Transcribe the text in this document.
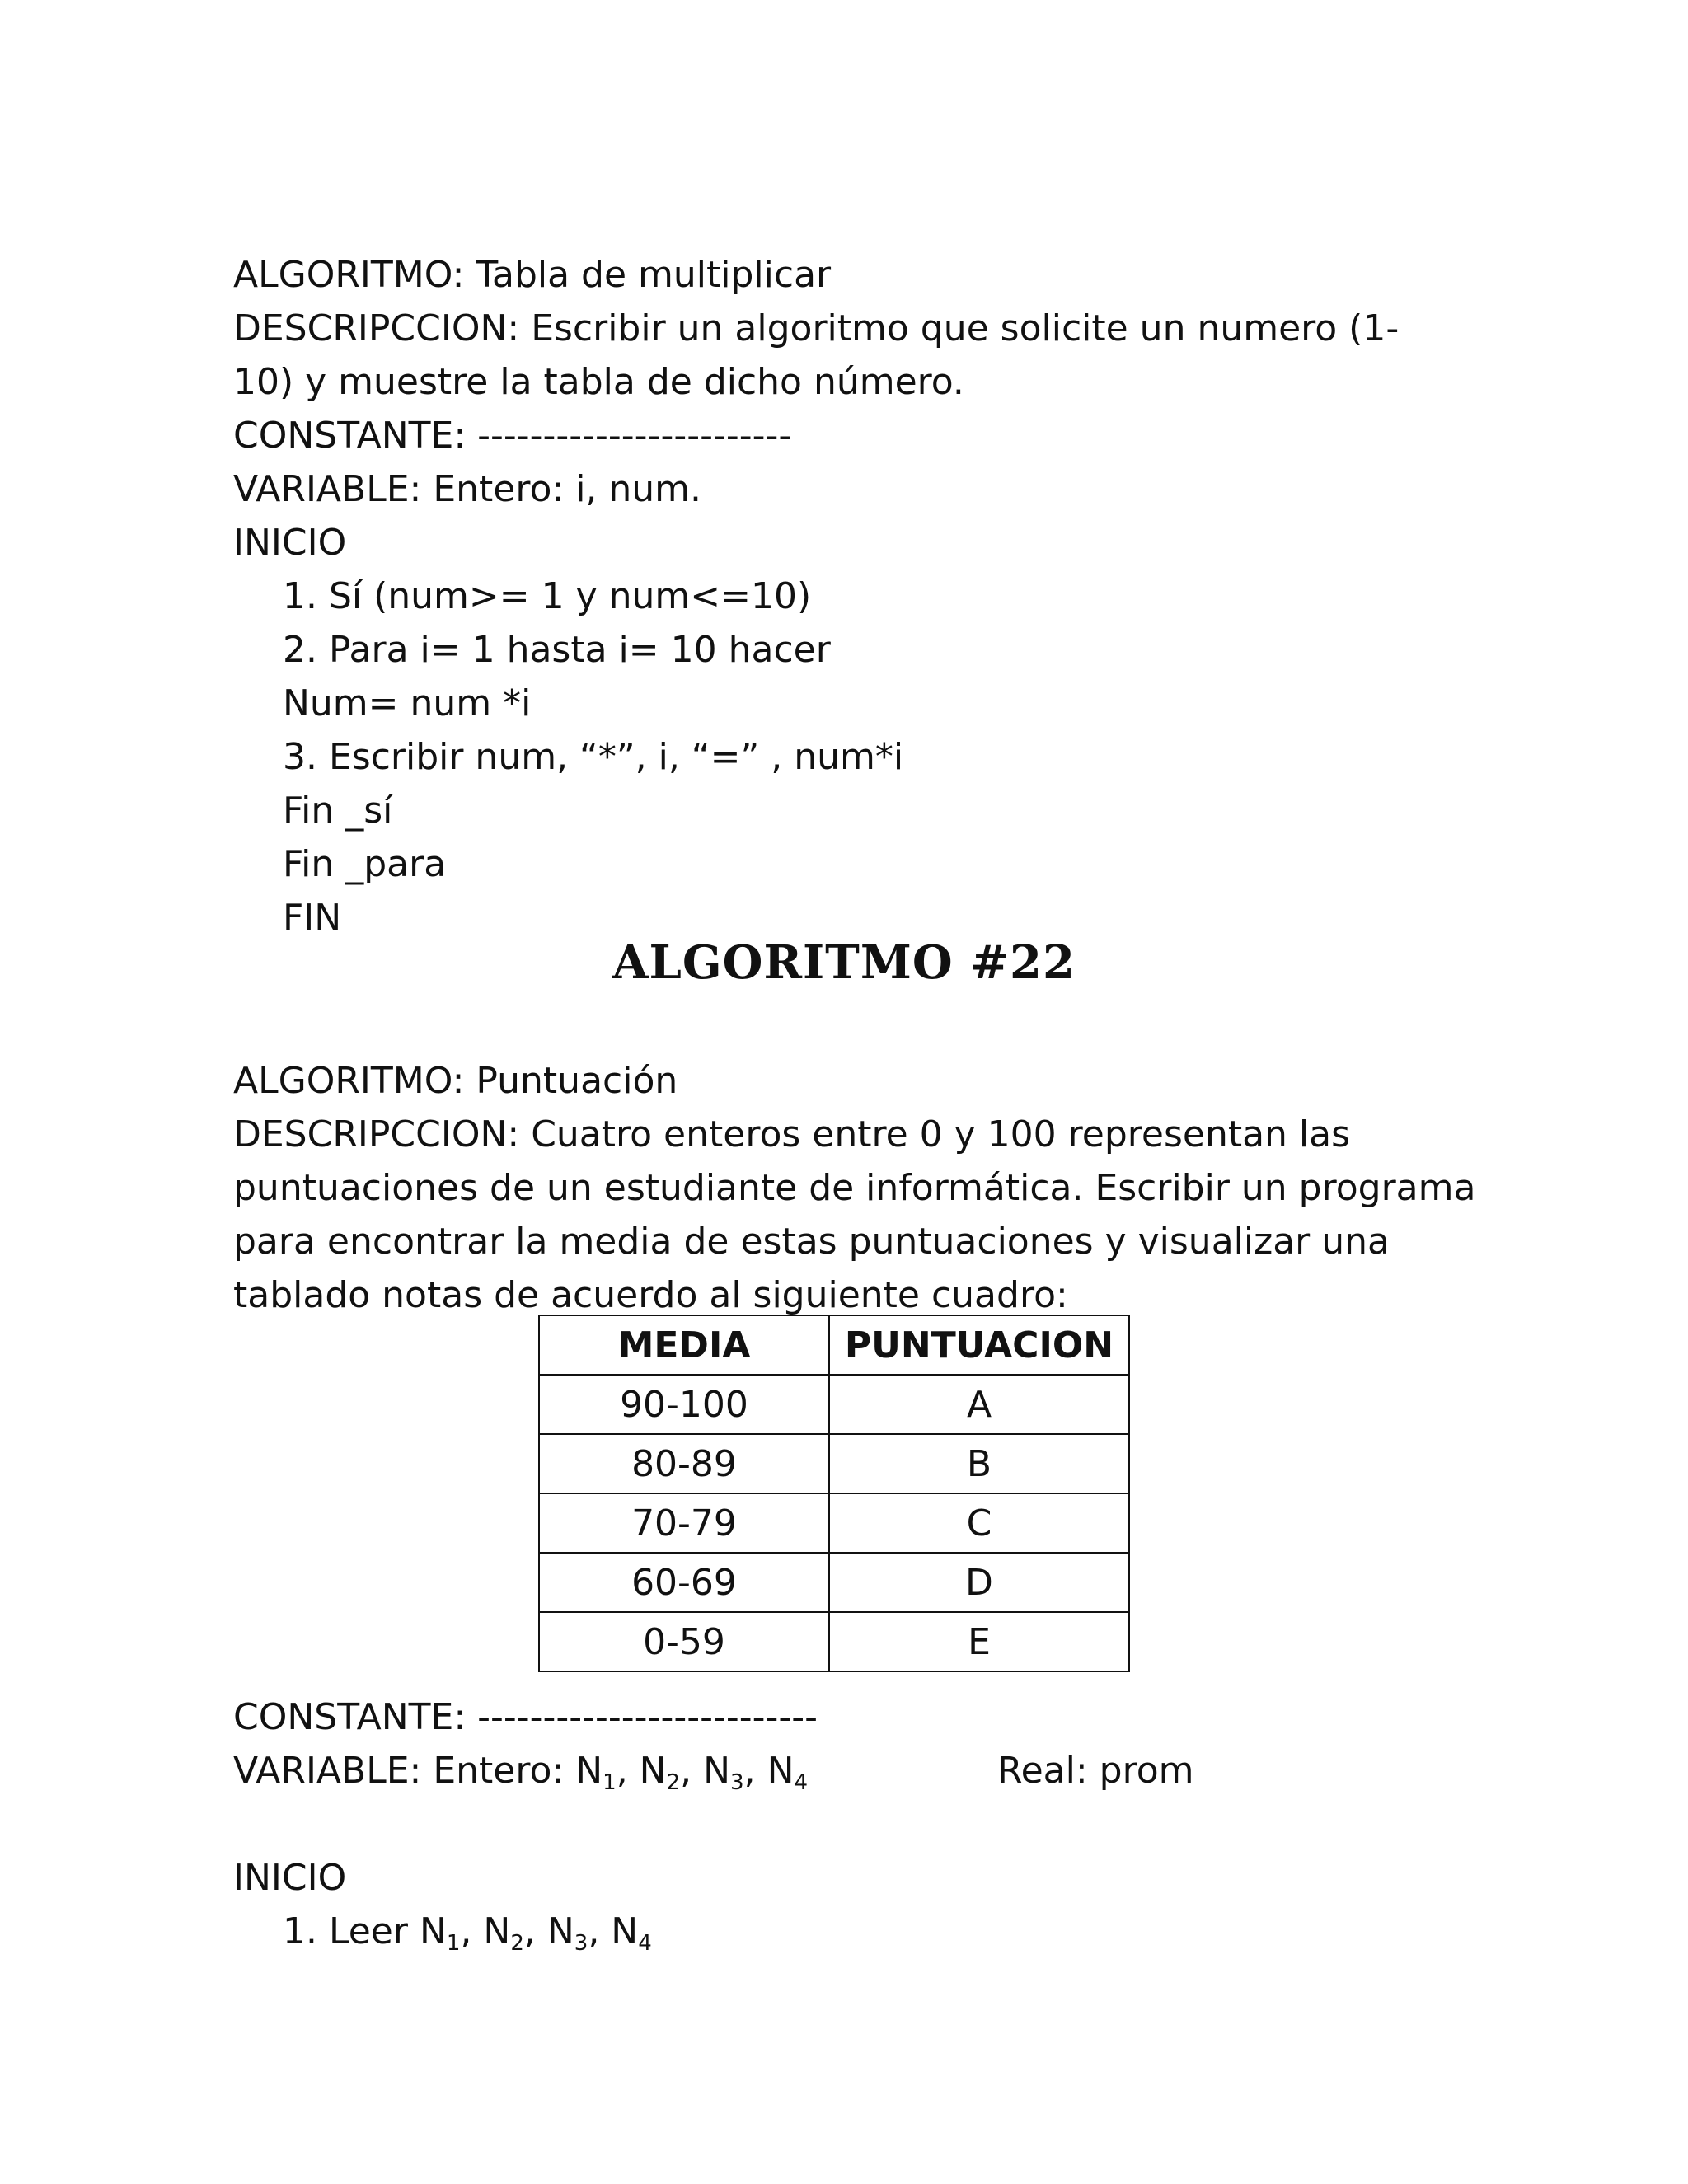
ALGORITMO: Tabla de multiplicar
DESCRIPCCION: Escribir un algoritmo que solicite un numero (1-
10) y muestre la tabla de dicho número.
CONSTANTE: ------------------------
VARIABLE: Entero: i, num.
INICIO
1. Sí (num>= 1 y num<=10)
2. Para i= 1 hasta i= 10 hacer
Num= num *i
3. Escribir num, “*”, i, “=” , num*i
Fin _sí
Fin _para
FIN
ALGORITMO #22
ALGORITMO: Puntuación
DESCRIPCCION: Cuatro enteros entre 0 y 100 representan las
puntuaciones de un estudiante de informática. Escribir un programa
para encontrar la media de estas puntuaciones y visualizar una
tablado notas de acuerdo al siguiente cuadro:
MEDIA	PUNTUACION
90-100	A
80-89	B
70-79	C
60-69	D
0-59	E
CONSTANTE: --------------------------
VARIABLE: Entero: $N_1$, $N_2$, $N_3$, $N_4$	Real: prom
INICIO
1. Leer $N_1$, $N_2$, $N_3$, $N_4$
